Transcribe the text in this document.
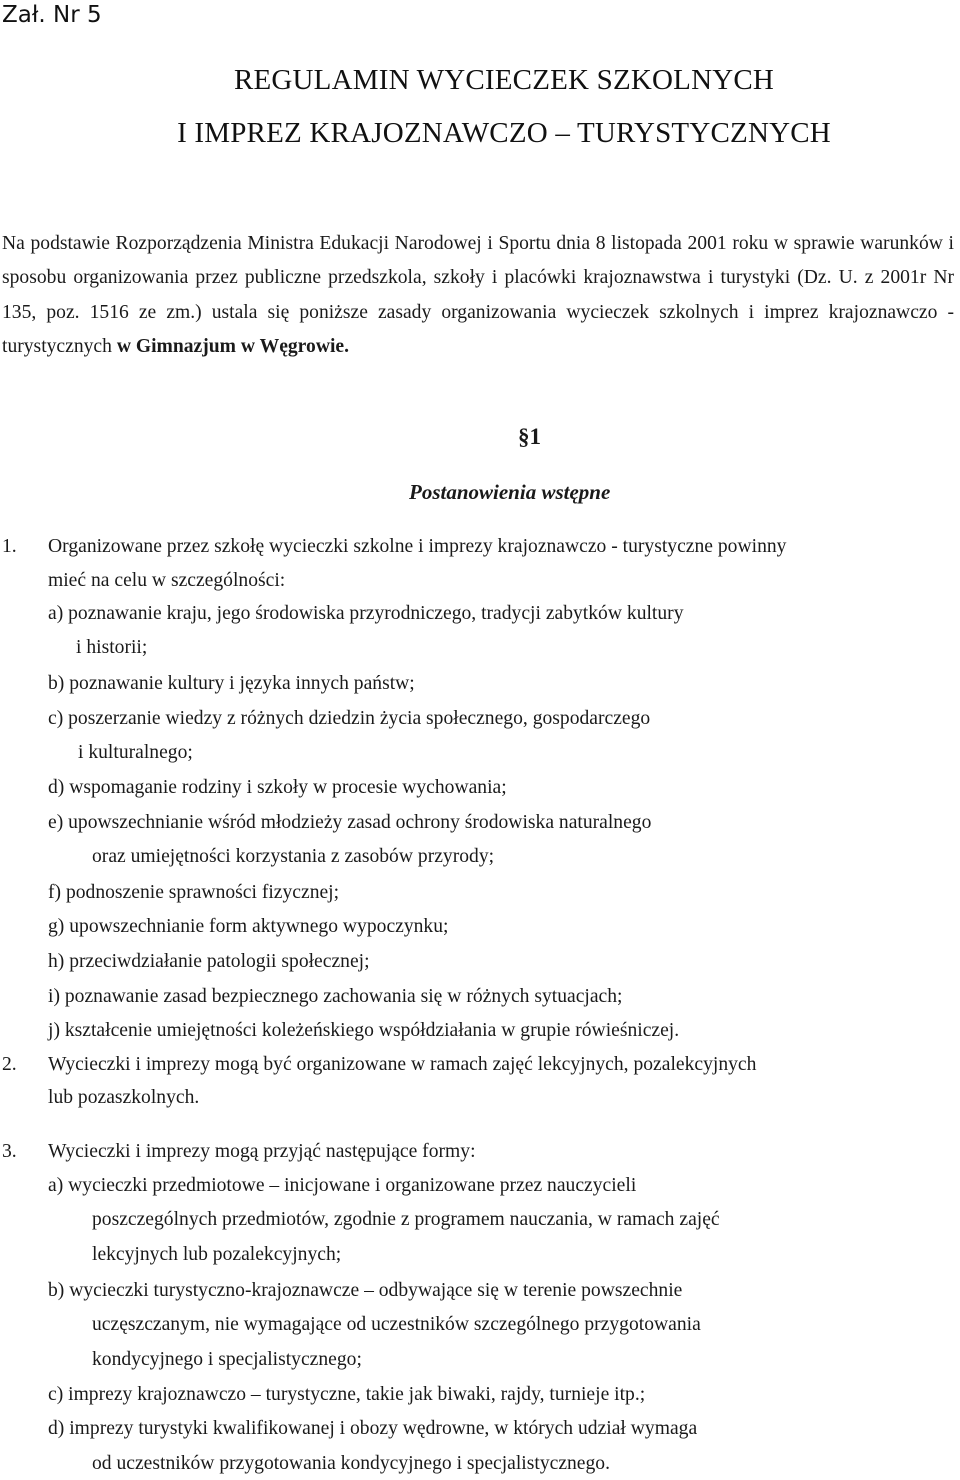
Zał. Nr 5
REGULAMIN WYCIECZEK SZKOLNYCH
I IMPREZ KRAJOZNAWCZO – TURYSTYCZNYCH
Na podstawie Rozporządzenia Ministra Edukacji Narodowej i Sportu dnia 8 listopada 2001 roku w sprawie warunków i sposobu organizowania przez publiczne przedszkola, szkoły i placówki krajoznawstwa i turystyki (Dz. U. z 2001r Nr 135, poz. 1516 ze zm.) ustala się poniższe zasady organizowania wycieczek szkolnych i imprez krajoznawczo - turystycznych w Gimnazjum w Węgrowie.
§1
Postanowienia wstępne
1. Organizowane przez szkołę wycieczki szkolne i imprezy krajoznawczo - turystyczne powinny
mieć na celu w szczególności:
a) poznawanie kraju, jego środowiska przyrodniczego, tradycji zabytków kultury
i historii;
b) poznawanie kultury i języka innych państw;
c) poszerzanie wiedzy z różnych dziedzin życia społecznego, gospodarczego
i kulturalnego;
d) wspomaganie rodziny i szkoły w procesie wychowania;
e) upowszechnianie wśród młodzieży zasad ochrony środowiska naturalnego
oraz umiejętności korzystania z zasobów przyrody;
f) podnoszenie sprawności fizycznej;
g) upowszechnianie form aktywnego wypoczynku;
h) przeciwdziałanie patologii społecznej;
i) poznawanie zasad bezpiecznego zachowania się w różnych sytuacjach;
j) kształcenie umiejętności koleżeńskiego współdziałania w grupie rówieśniczej.
2. Wycieczki i imprezy mogą być organizowane w ramach zajęć lekcyjnych, pozalekcyjnych
lub pozaszkolnych.
3. Wycieczki i imprezy mogą przyjąć następujące formy:
a) wycieczki przedmiotowe – inicjowane i organizowane przez nauczycieli
poszczególnych przedmiotów, zgodnie z programem nauczania, w ramach zajęć
lekcyjnych lub pozalekcyjnych;
b) wycieczki turystyczno-krajoznawcze – odbywające się w terenie powszechnie
uczęszczanym, nie wymagające od uczestników szczególnego przygotowania
kondycyjnego i specjalistycznego;
c) imprezy krajoznawczo – turystyczne, takie jak biwaki, rajdy, turnieje itp.;
d) imprezy turystyki kwalifikowanej i obozy wędrowne, w których udział wymaga
od uczestników przygotowania kondycyjnego i specjalistycznego.
